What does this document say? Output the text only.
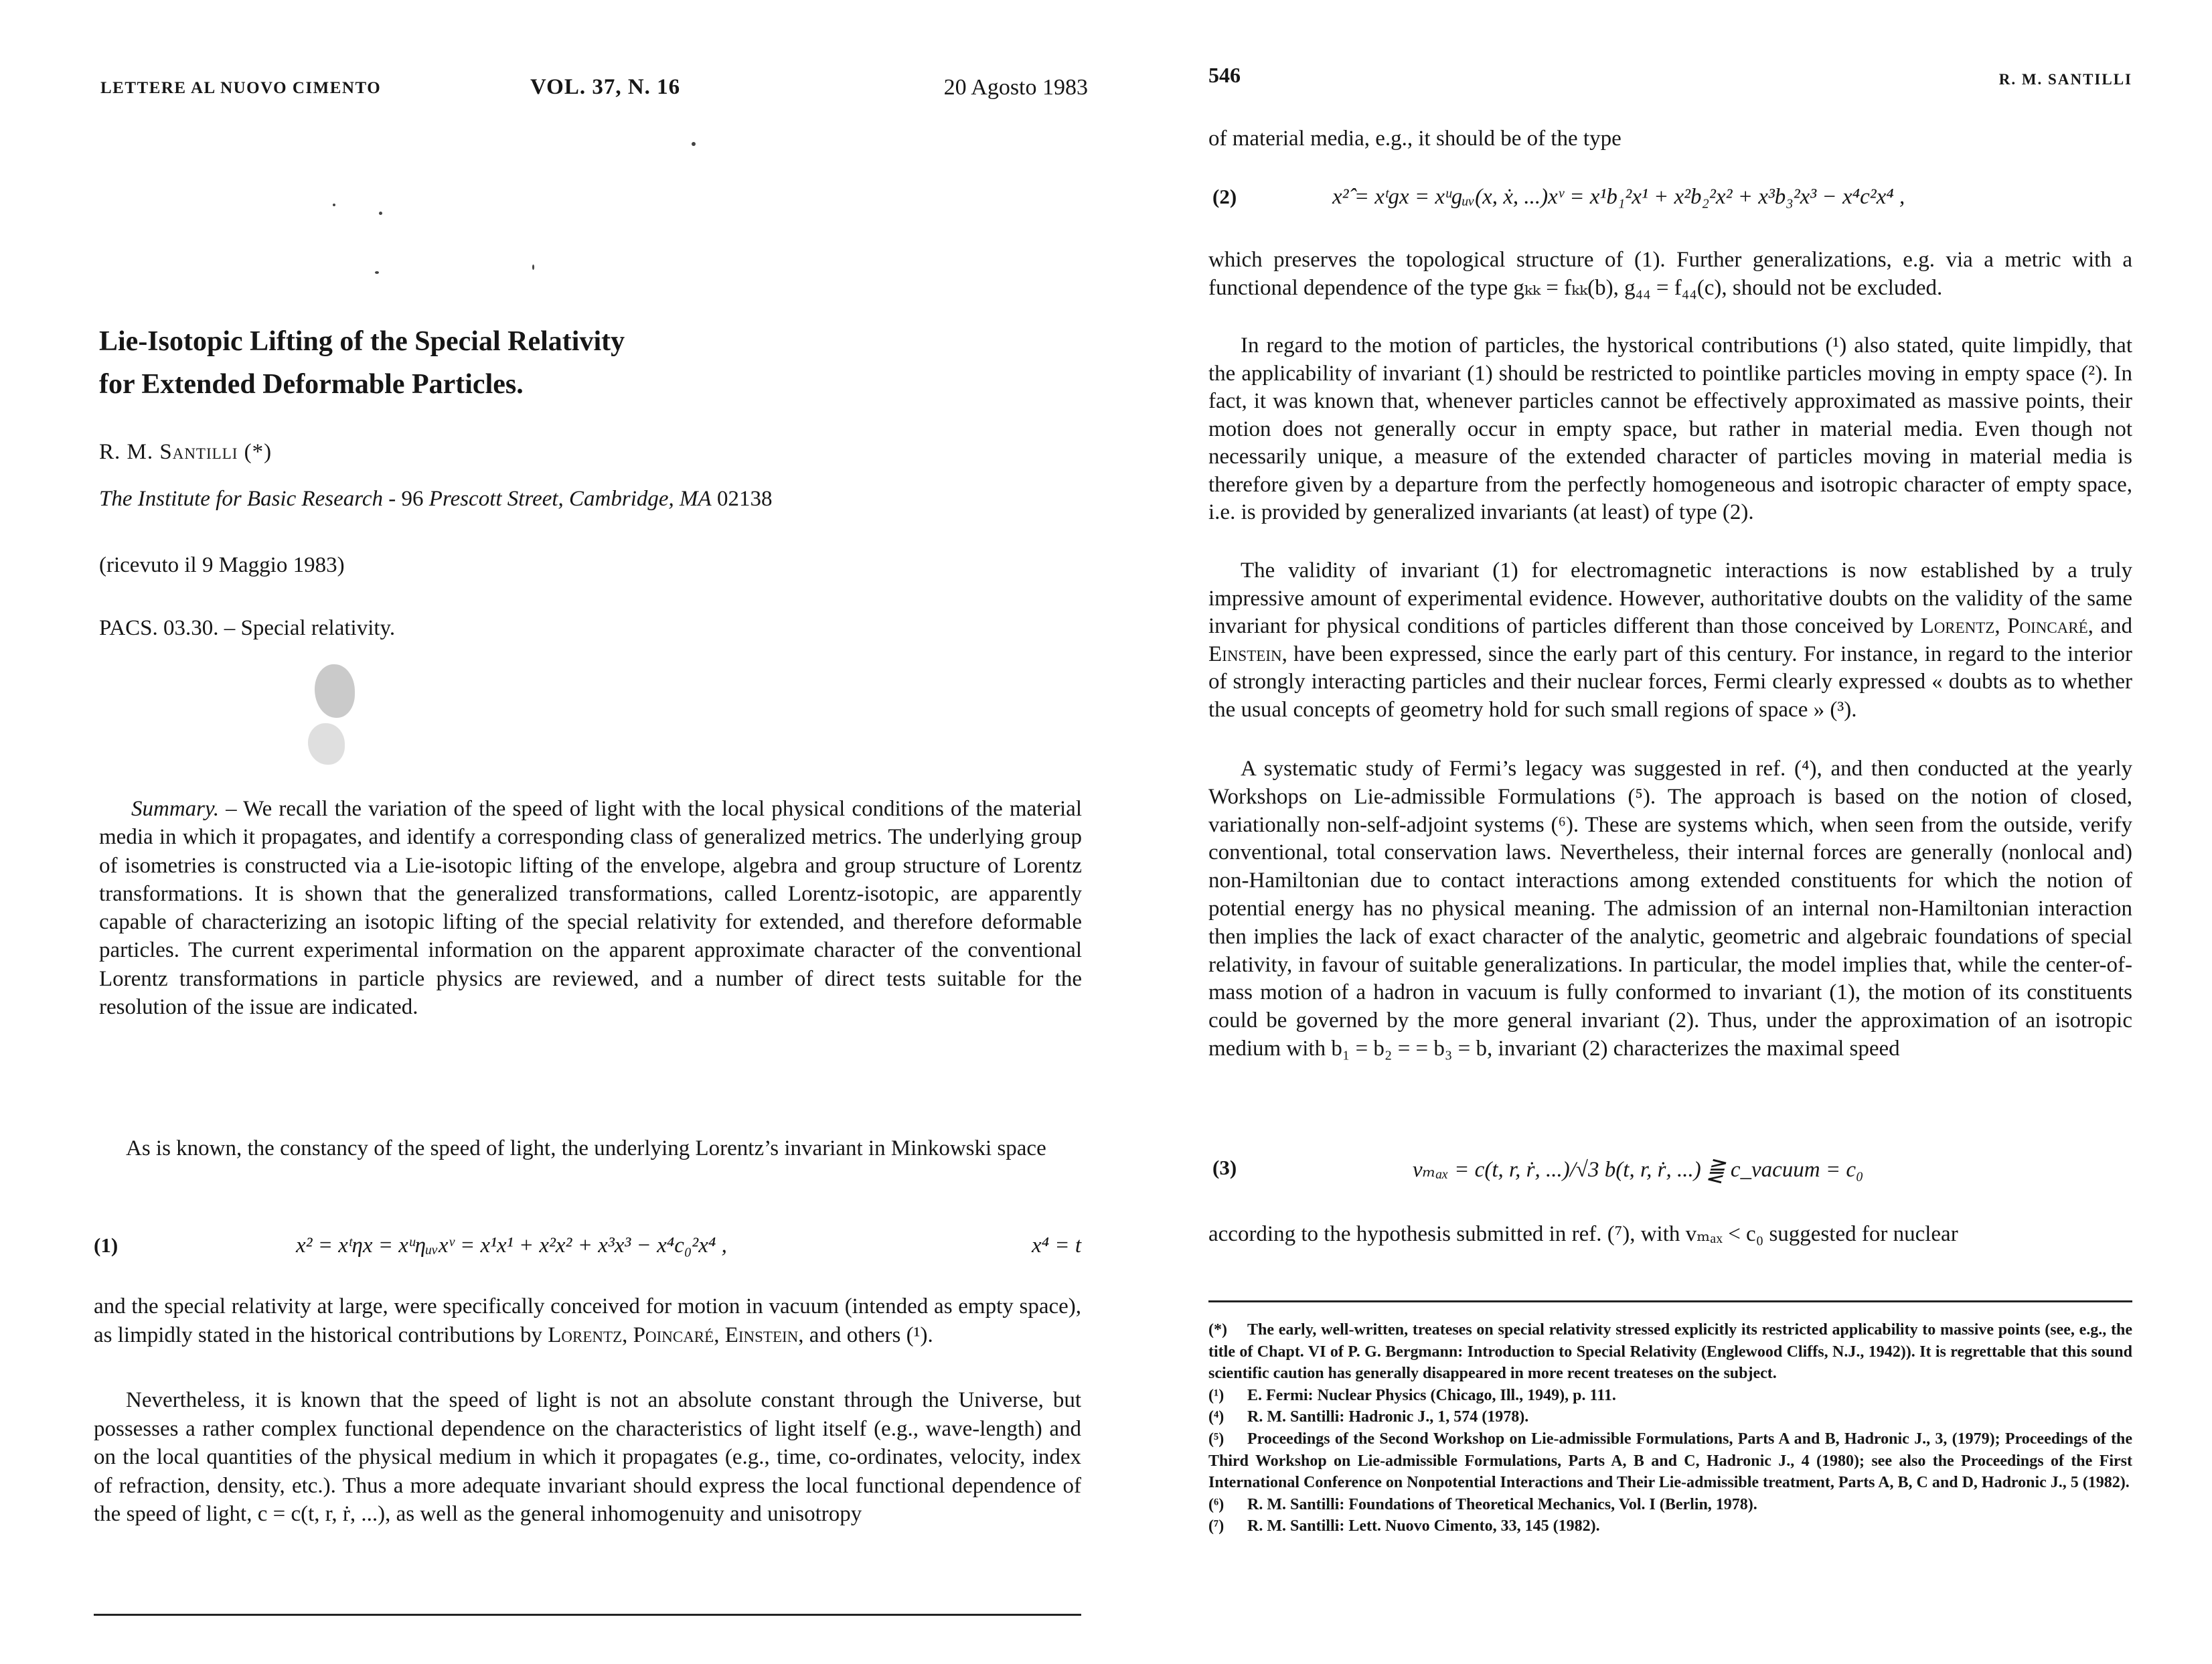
LETTERE AL NUOVO CIMENTO	VOL. 37, N. 16	20 Agosto 1983
Lie-Isotopic Lifting of the Special Relativity
for Extended Deformable Particles.
R. M. Santilli (*)
The Institute for Basic Research - 96 Prescott Street, Cambridge, MA 02138
(ricevuto il 9 Maggio 1983)
PACS. 03.30. – Special relativity.
Summary. – We recall the variation of the speed of light with the local physical conditions of the material media in which it propagates, and identify a corresponding class of generalized metrics. The underlying group of isometries is constructed via a Lie-isotopic lifting of the envelope, algebra and group structure of Lorentz transformations. It is shown that the generalized transformations, called Lorentz-isotopic, are apparently capable of characterizing an isotopic lifting of the special relativity for extended, and therefore deformable particles. The current experimental information on the apparent approximate character of the conventional Lorentz transformations in particle physics are reviewed, and a number of direct tests suitable for the resolution of the issue are indicated.
As is known, the constancy of the speed of light, the underlying Lorentz’s invariant in Minkowski space
(1)	x² = xᵗηx = xᵘηᵤᵥxᵛ = x¹x¹ + x²x² + x³x³ − x⁴c₀²x⁴ ,	x⁴ = t
and the special relativity at large, were specifically conceived for motion in vacuum (intended as empty space), as limpidly stated in the historical contributions by Lorentz, Poincaré, Einstein, and others (¹).
Nevertheless, it is known that the speed of light is not an absolute constant through the Universe, but possesses a rather complex functional dependence on the characteristics of light itself (e.g., wave-length) and on the local quantities of the physical medium in which it propagates (e.g., time, co-ordinates, velocity, index of refraction, density, etc.). Thus a more adequate invariant should express the local functional dependence of the speed of light, c = c(t, r, ṙ, ...), as well as the general inhomogenuity and unisotropy
546	R. M. SANTILLI
of material media, e.g., it should be of the type
(2)	x²̂ = xᵗgx = xᵘgᵤᵥ(x, ẋ, ...)xᵛ = x¹b₁²x¹ + x²b₂²x² + x³b₃²x³ − x⁴c²x⁴ ,
which preserves the topological structure of (1). Further generalizations, e.g. via a metric with a functional dependence of the type gₖₖ = fₖₖ(b), g₄₄ = f₄₄(c), should not be excluded.
In regard to the motion of particles, the hystorical contributions (¹) also stated, quite limpidly, that the applicability of invariant (1) should be restricted to pointlike particles moving in empty space (²). In fact, it was known that, whenever particles cannot be effectively approximated as massive points, their motion does not generally occur in empty space, but rather in material media. Even though not necessarily unique, a measure of the extended character of particles moving in material media is therefore given by a departure from the perfectly homogeneous and isotropic character of empty space, i.e. is provided by generalized invariants (at least) of type (2).
The validity of invariant (1) for electromagnetic interactions is now established by a truly impressive amount of experimental evidence. However, authoritative doubts on the validity of the same invariant for physical conditions of particles different than those conceived by Lorentz, Poincaré, and Einstein, have been expressed, since the early part of this century. For instance, in regard to the interior of strongly interacting particles and their nuclear forces, Fermi clearly expressed « doubts as to whether the usual concepts of geometry hold for such small regions of space » (³).
A systematic study of Fermi’s legacy was suggested in ref. (⁴), and then conducted at the yearly Workshops on Lie-admissible Formulations (⁵). The approach is based on the notion of closed, variationally non-self-adjoint systems (⁶). These are systems which, when seen from the outside, verify conventional, total conservation laws. Nevertheless, their internal forces are generally (nonlocal and) non-Hamiltonian due to contact interactions among extended constituents for which the notion of potential energy has no physical meaning. The admission of an internal non-Hamiltonian interaction then implies the lack of exact character of the analytic, geometric and algebraic foundations of special relativity, in favour of suitable generalizations. In particular, the model implies that, while the center-of-mass motion of a hadron in vacuum is fully conformed to invariant (1), the motion of its constituents could be governed by the more general invariant (2). Thus, under the approximation of an isotropic medium with b₁ = b₂ = = b₃ = b, invariant (2) characterizes the maximal speed
(3)	vₘₐₓ = c(t, r, ṙ, ...)/√3 b(t, r, ṙ, ...) ⪌ c_vacuum = c₀
according to the hypothesis submitted in ref. (⁷), with vₘₐₓ < c₀ suggested for nuclear
(*) The early, well-written, treateses on special relativity stressed explicitly its restricted applicability to massive points (see, e.g., the title of Chapt. VI of P. G. Bergmann: Introduction to Special Relativity (Englewood Cliffs, N.J., 1942)). It is regrettable that this sound scientific caution has generally disappeared in more recent treateses on the subject.
(¹) E. Fermi: Nuclear Physics (Chicago, Ill., 1949), p. 111.
(⁴) R. M. Santilli: Hadronic J., 1, 574 (1978).
(⁵) Proceedings of the Second Workshop on Lie-admissible Formulations, Parts A and B, Hadronic J., 3, (1979); Proceedings of the Third Workshop on Lie-admissible Formulations, Parts A, B and C, Hadronic J., 4 (1980); see also the Proceedings of the First International Conference on Nonpotential Interactions and Their Lie-admissible treatment, Parts A, B, C and D, Hadronic J., 5 (1982).
(⁶) R. M. Santilli: Foundations of Theoretical Mechanics, Vol. I (Berlin, 1978).
(⁷) R. M. Santilli: Lett. Nuovo Cimento, 33, 145 (1982).
